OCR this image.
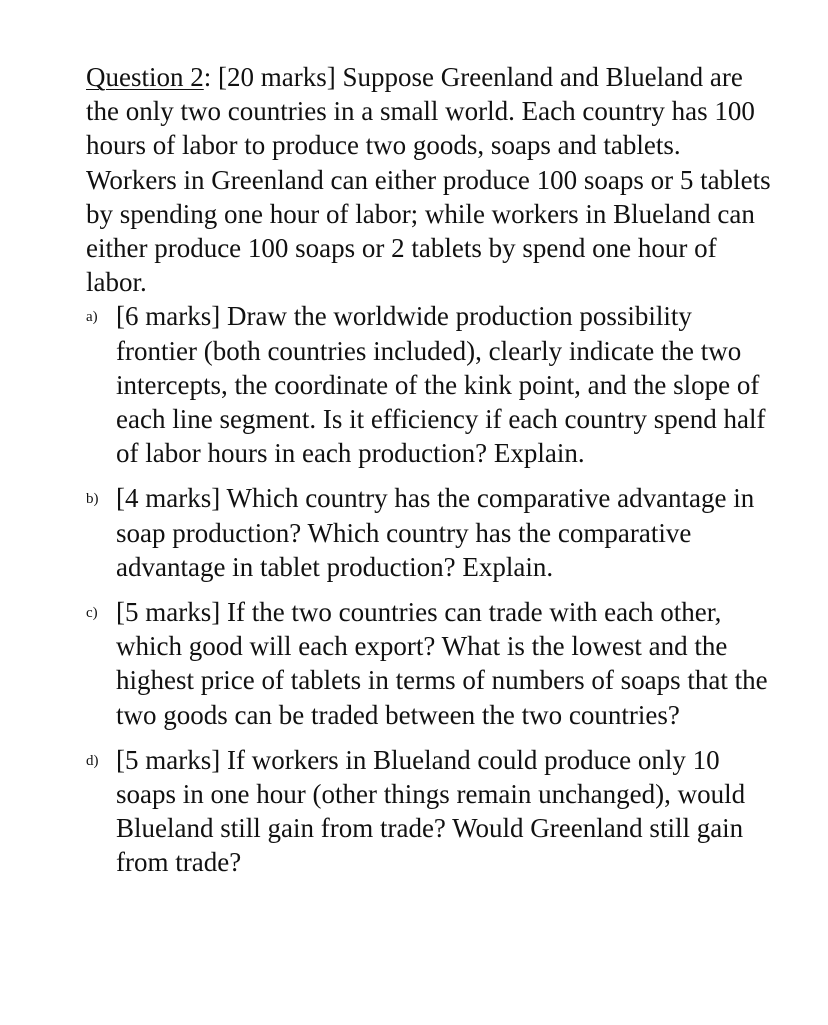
Question 2: [20 marks] Suppose Greenland and Blueland are the only two countries in a small world. Each country has 100 hours of labor to produce two goods, soaps and tablets. Workers in Greenland can either produce 100 soaps or 5 tablets by spending one hour of labor; while workers in Blueland can either produce 100 soaps or 2 tablets by spend one hour of labor.

a) [6 marks] Draw the worldwide production possibility frontier (both countries included), clearly indicate the two intercepts, the coordinate of the kink point, and the slope of each line segment. Is it efficiency if each country spend half of labor hours in each production? Explain.

b) [4 marks] Which country has the comparative advantage in soap production? Which country has the comparative advantage in tablet production? Explain.

c) [5 marks] If the two countries can trade with each other, which good will each export? What is the lowest and the highest price of tablets in terms of numbers of soaps that the two goods can be traded between the two countries?

d) [5 marks] If workers in Blueland could produce only 10 soaps in one hour (other things remain unchanged), would Blueland still gain from trade? Would Greenland still gain from trade?
